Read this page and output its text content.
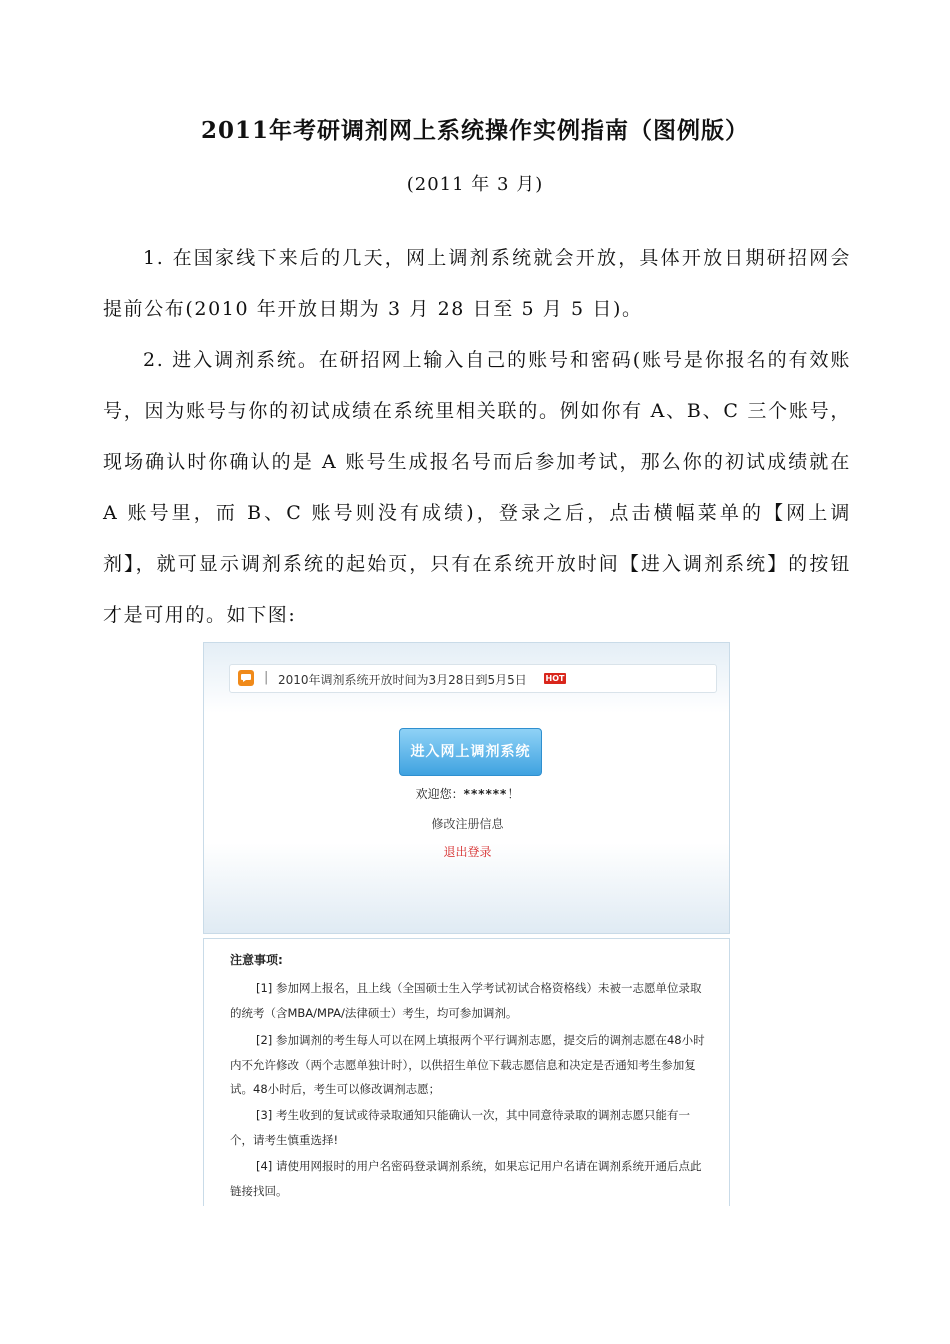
2011年考研调剂网上系统操作实例指南（图例版）
(2011 年 3 月)
1. 在国家线下来后的几天，网上调剂系统就会开放，具体开放日期研招网会提前公布(2010 年开放日期为 3 月 28 日至 5 月 5 日)。
2. 进入调剂系统。在研招网上输入自己的账号和密码(账号是你报名的有效账号，因为账号与你的初试成绩在系统里相关联的。例如你有 A、B、C 三个账号，现场确认时你确认的是 A 账号生成报名号而后参加考试，那么你的初试成绩就在 A 账号里，而 B、C 账号则没有成绩)，登录之后，点击横幅菜单的【网上调剂】，就可显示调剂系统的起始页，只有在系统开放时间【进入调剂系统】的按钮才是可用的。如下图:
| 2010年调剂系统开放时间为3月28日到5月5日 HOT
进入网上调剂系统
欢迎您：******！
修改注册信息
退出登录
注意事项:
[1] 参加网上报名，且上线（全国硕士生入学考试初试合格资格线）未被一志愿单位录取的统考（含MBA/MPA/法律硕士）考生，均可参加调剂。
[2] 参加调剂的考生每人可以在网上填报两个平行调剂志愿，提交后的调剂志愿在48小时内不允许修改（两个志愿单独计时），以供招生单位下载志愿信息和决定是否通知考生参加复试。48小时后，考生可以修改调剂志愿；
[3] 考生收到的复试或待录取通知只能确认一次，其中同意待录取的调剂志愿只能有一个，请考生慎重选择!
[4] 请使用网报时的用户名密码登录调剂系统，如果忘记用户名请在调剂系统开通后点此链接找回。
